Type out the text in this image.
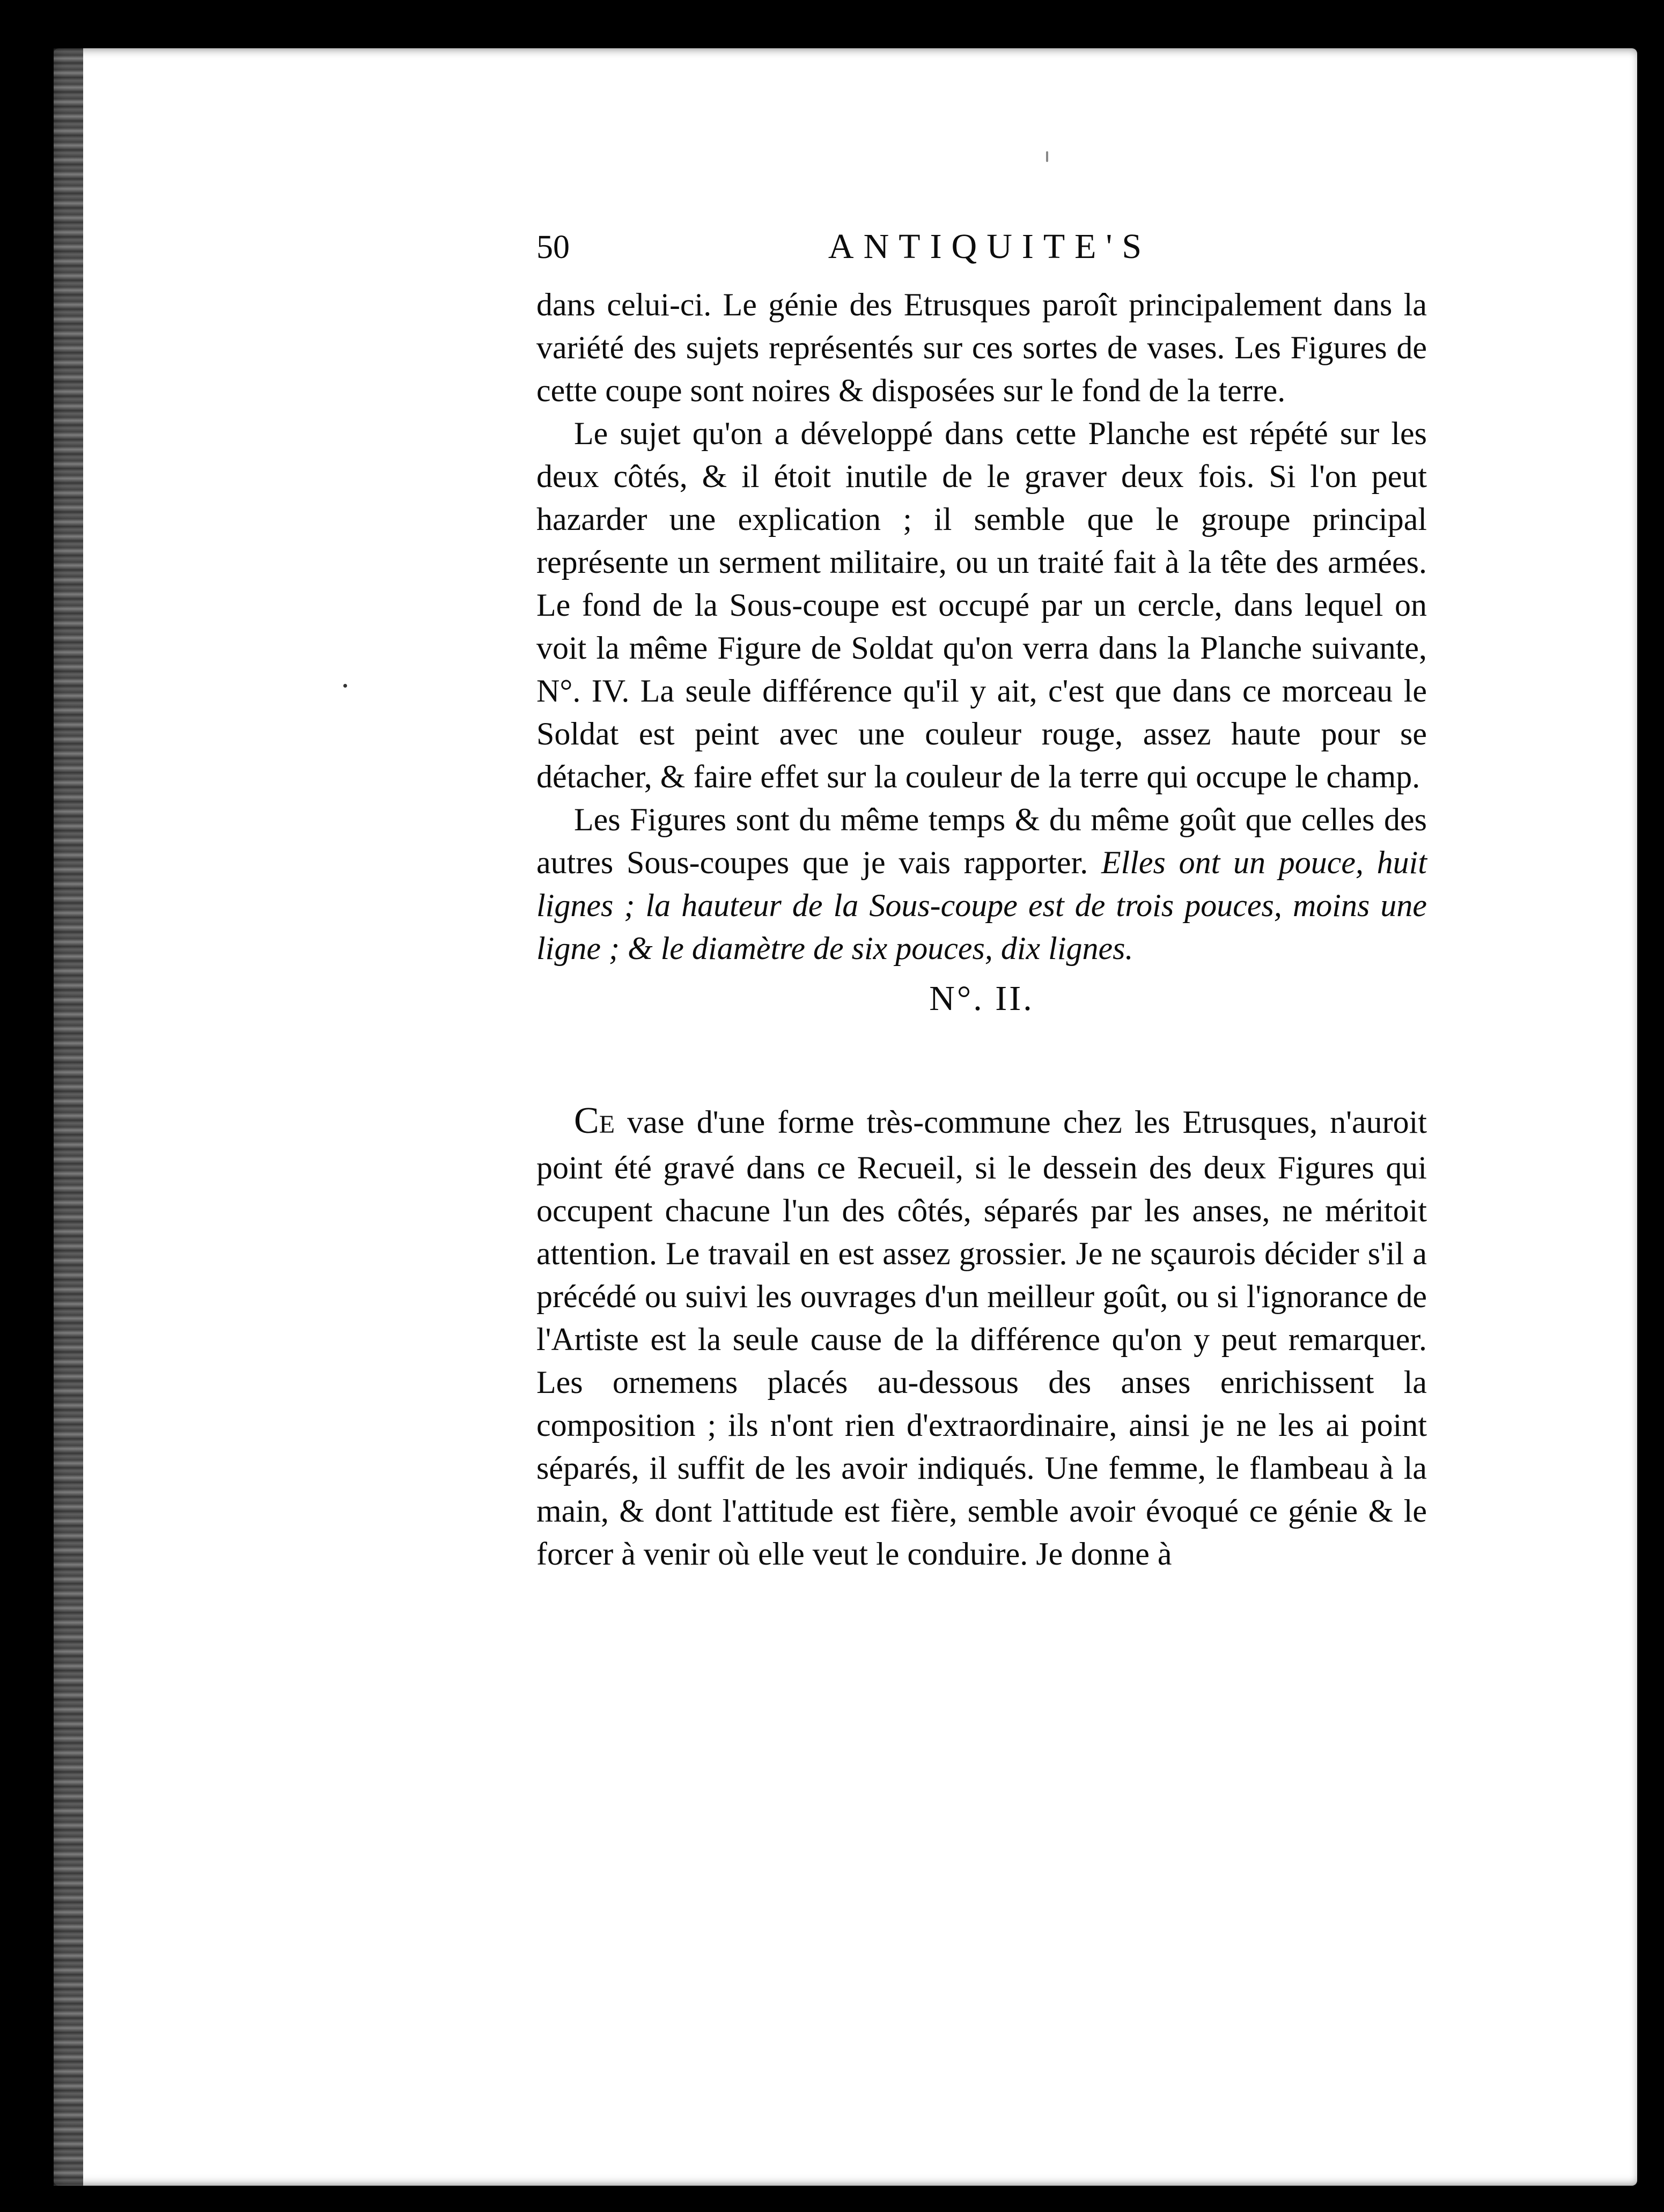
50	ANTIQUITE'S

dans celui-ci. Le génie des Etrusques paroît principalement dans la variété des sujets représentés sur ces sortes de vases. Les Figures de cette coupe sont noires & disposées sur le fond de la terre.

Le sujet qu'on a développé dans cette Planche est répété sur les deux côtés, & il étoit inutile de le graver deux fois. Si l'on peut hazarder une explication ; il semble que le groupe principal représente un serment militaire, ou un traité fait à la tête des armées. Le fond de la Sous-coupe est occupé par un cercle, dans lequel on voit la même Figure de Soldat qu'on verra dans la Planche suivante, N°. IV. La seule différence qu'il y ait, c'est que dans ce morceau le Soldat est peint avec une couleur rouge, assez haute pour se détacher, & faire effet sur la couleur de la terre qui occupe le champ.

Les Figures sont du même temps & du même goût que celles des autres Sous-coupes que je vais rapporter. Elles ont un pouce, huit lignes ; la hauteur de la Sous-coupe est de trois pouces, moins une ligne ; & le diamètre de six pouces, dix lignes.

N°. II.

CE vase d'une forme très-commune chez les Etrusques, n'auroit point été gravé dans ce Recueil, si le dessein des deux Figures qui occupent chacune l'un des côtés, séparés par les anses, ne méritoit attention. Le travail en est assez grossier. Je ne sçaurois décider s'il a précédé ou suivi les ouvrages d'un meilleur goût, ou si l'ignorance de l'Artiste est la seule cause de la différence qu'on y peut remarquer. Les ornemens placés au-dessous des anses enrichissent la composition ; ils n'ont rien d'extraordinaire, ainsi je ne les ai point séparés, il suffit de les avoir indiqués. Une femme, le flambeau à la main, & dont l'attitude est fière, semble avoir évoqué ce génie & le forcer à venir où elle veut le conduire. Je donne à
